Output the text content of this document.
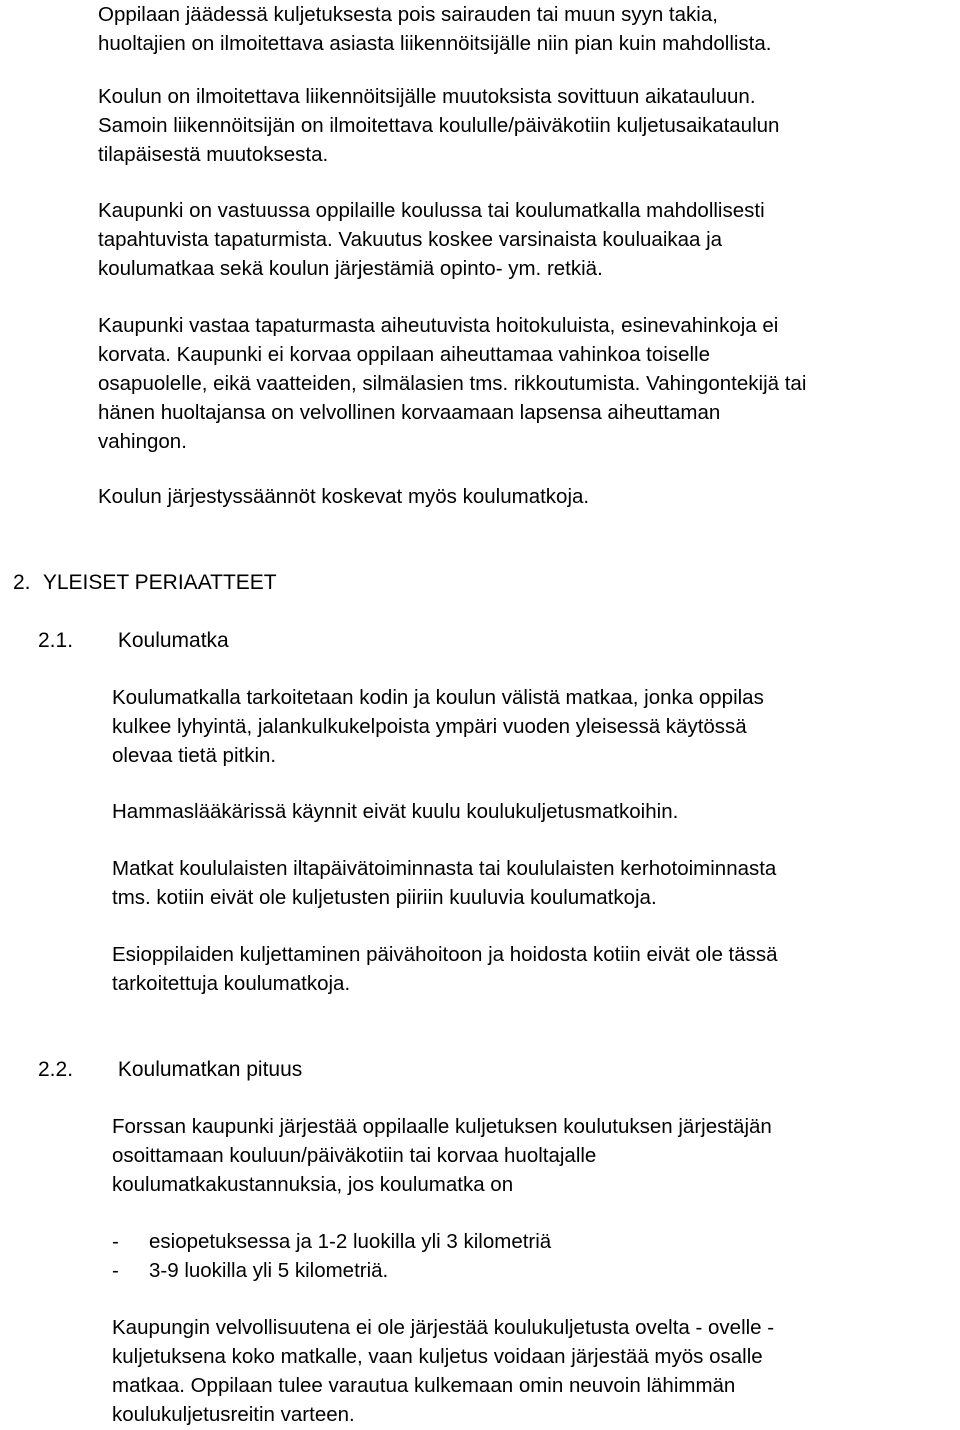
Oppilaan jäädessä kuljetuksesta pois sairauden tai muun syyn takia,
huoltajien on ilmoitettava asiasta liikennöitsijälle niin pian kuin mahdollista.

Koulun on ilmoitettava liikennöitsijälle muutoksista sovittuun aikatauluun.
Samoin liikennöitsijän on ilmoitettava koululle/päiväkotiin kuljetusaikataulun
tilapäisestä muutoksesta.

Kaupunki on vastuussa oppilaille koulussa tai koulumatkalla mahdollisesti
tapahtuvista tapaturmista. Vakuutus koskee varsinaista kouluaikaa ja
koulumatkaa sekä koulun järjestämiä opinto- ym. retkiä.

Kaupunki vastaa tapaturmasta aiheutuvista hoitokuluista, esinevahinkoja ei
korvata. Kaupunki ei korvaa oppilaan aiheuttamaa vahinkoa toiselle
osapuolelle, eikä vaatteiden, silmälasien tms. rikkoutumista. Vahingontekijä tai
hänen huoltajansa on velvollinen korvaamaan lapsensa aiheuttaman
vahingon.

Koulun järjestyssäännöt koskevat myös koulumatkoja.

2. YLEISET PERIAATTEET
2.1. Koulumatka

Koulumatkalla tarkoitetaan kodin ja koulun välistä matkaa, jonka oppilas
kulkee lyhyintä, jalankulkukelpoista ympäri vuoden yleisessä käytössä
olevaa tietä pitkin.

Hammaslääkärissä käynnit eivät kuulu koulukuljetusmatkoihin.

Matkat koululaisten iltapäivätoiminnasta tai koululaisten kerhotoiminnasta
tms. kotiin eivät ole kuljetusten piiriin kuuluvia koulumatkoja.

Esioppilaiden kuljettaminen päivähoitoon ja hoidosta kotiin eivät ole tässä
tarkoitettuja koulumatkoja.

2.2. Koulumatkan pituus

Forssan kaupunki järjestää oppilaalle kuljetuksen koulutuksen järjestäjän
osoittamaan kouluun/päiväkotiin tai korvaa huoltajalle
koulumatkakustannuksia, jos koulumatka on

- esiopetuksessa ja 1-2 luokilla yli 3 kilometriä
- 3-9 luokilla yli 5 kilometriä.

Kaupungin velvollisuutena ei ole järjestää koulukuljetusta ovelta - ovelle -
kuljetuksena koko matkalle, vaan kuljetus voidaan järjestää myös osalle
matkaa. Oppilaan tulee varautua kulkemaan omin neuvoin lähimmän
koulukuljetusreitin varteen.
